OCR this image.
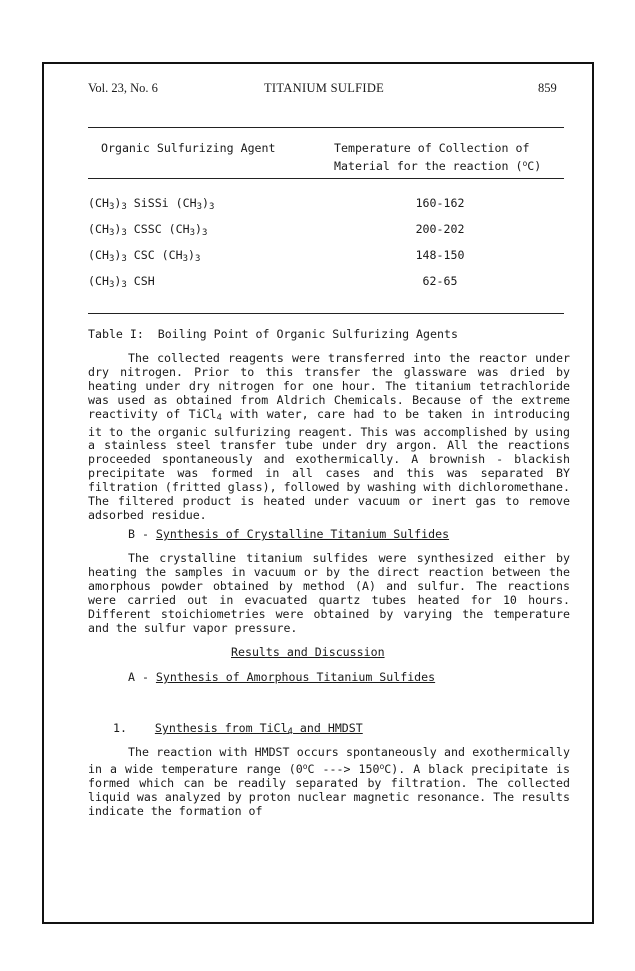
Vol. 23, No. 6	TITANIUM SULFIDE	859
Organic Sulfurizing Agent	Temperature of Collection of
Material for the reaction ($^o$C)
$(CH_3)_3$ SiSSi $(CH_3)_3$	160-162
$(CH_3)_3$ CSSC $(CH_3)_3$	200-202
$(CH_3)_3$ CSC $(CH_3)_3$	148-150
$(CH_3)_3$ CSH	62-65
Table I:  Boiling Point of Organic Sulfurizing Agents

The collected reagents were transferred into the reactor under dry nitrogen. Prior to this transfer the glassware was dried by heating under dry nitrogen for one hour. The titanium tetrachloride was used as obtained from Aldrich Chemicals. Because of the extreme reactivity of TiCl4 with water, care had to be taken in introducing it to the organic sulfurizing reagent. This was accomplished by using a stainless steel transfer tube under dry argon. All the reactions proceeded spontaneously and exothermically. A brownish - blackish precipitate was formed in all cases and this was separated BY filtration (fritted glass), followed by washing with dichloromethane. The filtered product is heated under vacuum or inert gas to remove adsorbed residue.

B - Synthesis of Crystalline Titanium Sulfides

The crystalline titanium sulfides were synthesized either by heating the samples in vacuum or by the direct reaction between the amorphous powder obtained by method (A) and sulfur. The reactions were carried out in evacuated quartz tubes heated for 10 hours. Different stoichiometries were obtained by varying the temperature and the sulfur vapor pressure.

Results and Discussion
A - Synthesis of Amorphous Titanium Sulfides
1. Synthesis from TiCl4 and HMDST

The reaction with HMDST occurs spontaneously and exothermically in a wide temperature range (0$^o$C ---> $150^oC$). A black precipitate is formed which can be readily separated by filtration. The collected liquid was analyzed by proton nuclear magnetic resonance. The results indicate the formation of
